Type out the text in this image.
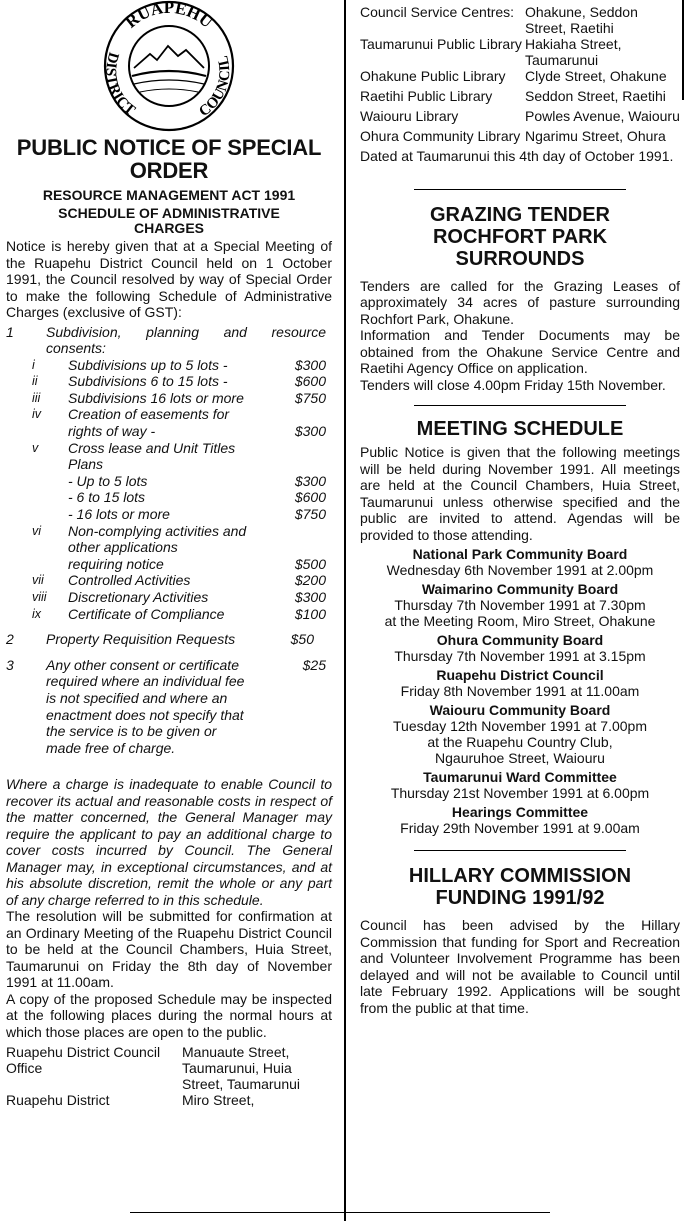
RUAPEHU
DISTRICT	COUNCIL
PUBLIC NOTICE OF SPECIAL
ORDER
RESOURCE MANAGEMENT ACT 1991
SCHEDULE OF ADMINISTRATIVE
CHARGES

Notice is hereby given that at a Special Meeting of the Ruapehu District Council held on 1 October 1991, the Council resolved by way of Special Order to make the following Schedule of Administrative Charges (exclusive of GST):

1	Subdivision, planning and resource
consents:
i	Subdivisions up to 5 lots -	$300
ii	Subdivisions 6 to 15 lots -	$600
iii	Subdivisions 16 lots or more	$750
iv	Creation of easements for
rights of way -	$300
v	Cross lease and Unit Titles
Plans
- Up to 5 lots	$300
- 6 to 15 lots	$600
- 16 lots or more	$750
vi	Non-complying activities and
other applications
requiring notice	$500
vii	Controlled Activities	$200
viii	Discretionary Activities	$300
ix	Certificate of Compliance	$100
2	Property Requisition Requests	$50
3	Any other consent or certificate	$25
required where an individual fee
is not specified and where an
enactment does not specify that
the service is to be given or
made free of charge.

Where a charge is inadequate to enable Council to recover its actual and reasonable costs in respect of the matter concerned, the General Manager may require the applicant to pay an additional charge to cover costs incurred by Council. The General Manager may, in exceptional circumstances, and at his absolute discretion, remit the whole or any part of any charge referred to in this schedule.

The resolution will be submitted for confirmation at an Ordinary Meeting of the Ruapehu District Council to be held at the Council Chambers, Huia Street, Taumarunui on Friday the 8th day of November 1991 at 11.00am.

A copy of the proposed Schedule may be inspected at the following places during the normal hours at which those places are open to the public.

Ruapehu District Council Office	Manuaute Street, Taumarunui, Huia Street, Taumarunui
Ruapehu District	Miro Street,
Council Service Centres:	Ohakune, Seddon Street, Raetihi
Taumarunui Public Library	Hakiaha Street, Taumarunui
Ohakune Public Library	Clyde Street, Ohakune
Raetihi Public Library	Seddon Street, Raetihi
Waiouru Library	Powles Avenue, Waiouru
Ohura Community Library	Ngarimu Street, Ohura

Dated at Taumarunui this 4th day of October 1991.

GRAZING TENDER
ROCHFORT PARK
SURROUNDS

Tenders are called for the Grazing Leases of approximately 34 acres of pasture surrounding Rochfort Park, Ohakune.

Information and Tender Documents may be obtained from the Ohakune Service Centre and Raetihi Agency Office on application.

Tenders will close 4.00pm Friday 15th November.

MEETING SCHEDULE

Public Notice is given that the following meetings will be held during November 1991. All meetings are held at the Council Chambers, Huia Street, Taumarunui unless otherwise specified and the public are invited to attend. Agendas will be provided to those attending.

National Park Community Board
Wednesday 6th November 1991 at 2.00pm
Waimarino Community Board
Thursday 7th November 1991 at 7.30pm
at the Meeting Room, Miro Street, Ohakune
Ohura Community Board
Thursday 7th November 1991 at 3.15pm
Ruapehu District Council
Friday 8th November 1991 at 11.00am
Waiouru Community Board
Tuesday 12th November 1991 at 7.00pm
at the Ruapehu Country Club,
Ngauruhoe Street, Waiouru
Taumarunui Ward Committee
Thursday 21st November 1991 at 6.00pm
Hearings Committee
Friday 29th November 1991 at 9.00am
HILLARY COMMISSION
FUNDING 1991/92

Council has been advised by the Hillary Commission that funding for Sport and Recreation and Volunteer Involvement Programme has been delayed and will not be available to Council until late February 1992. Applications will be sought from the public at that time.
